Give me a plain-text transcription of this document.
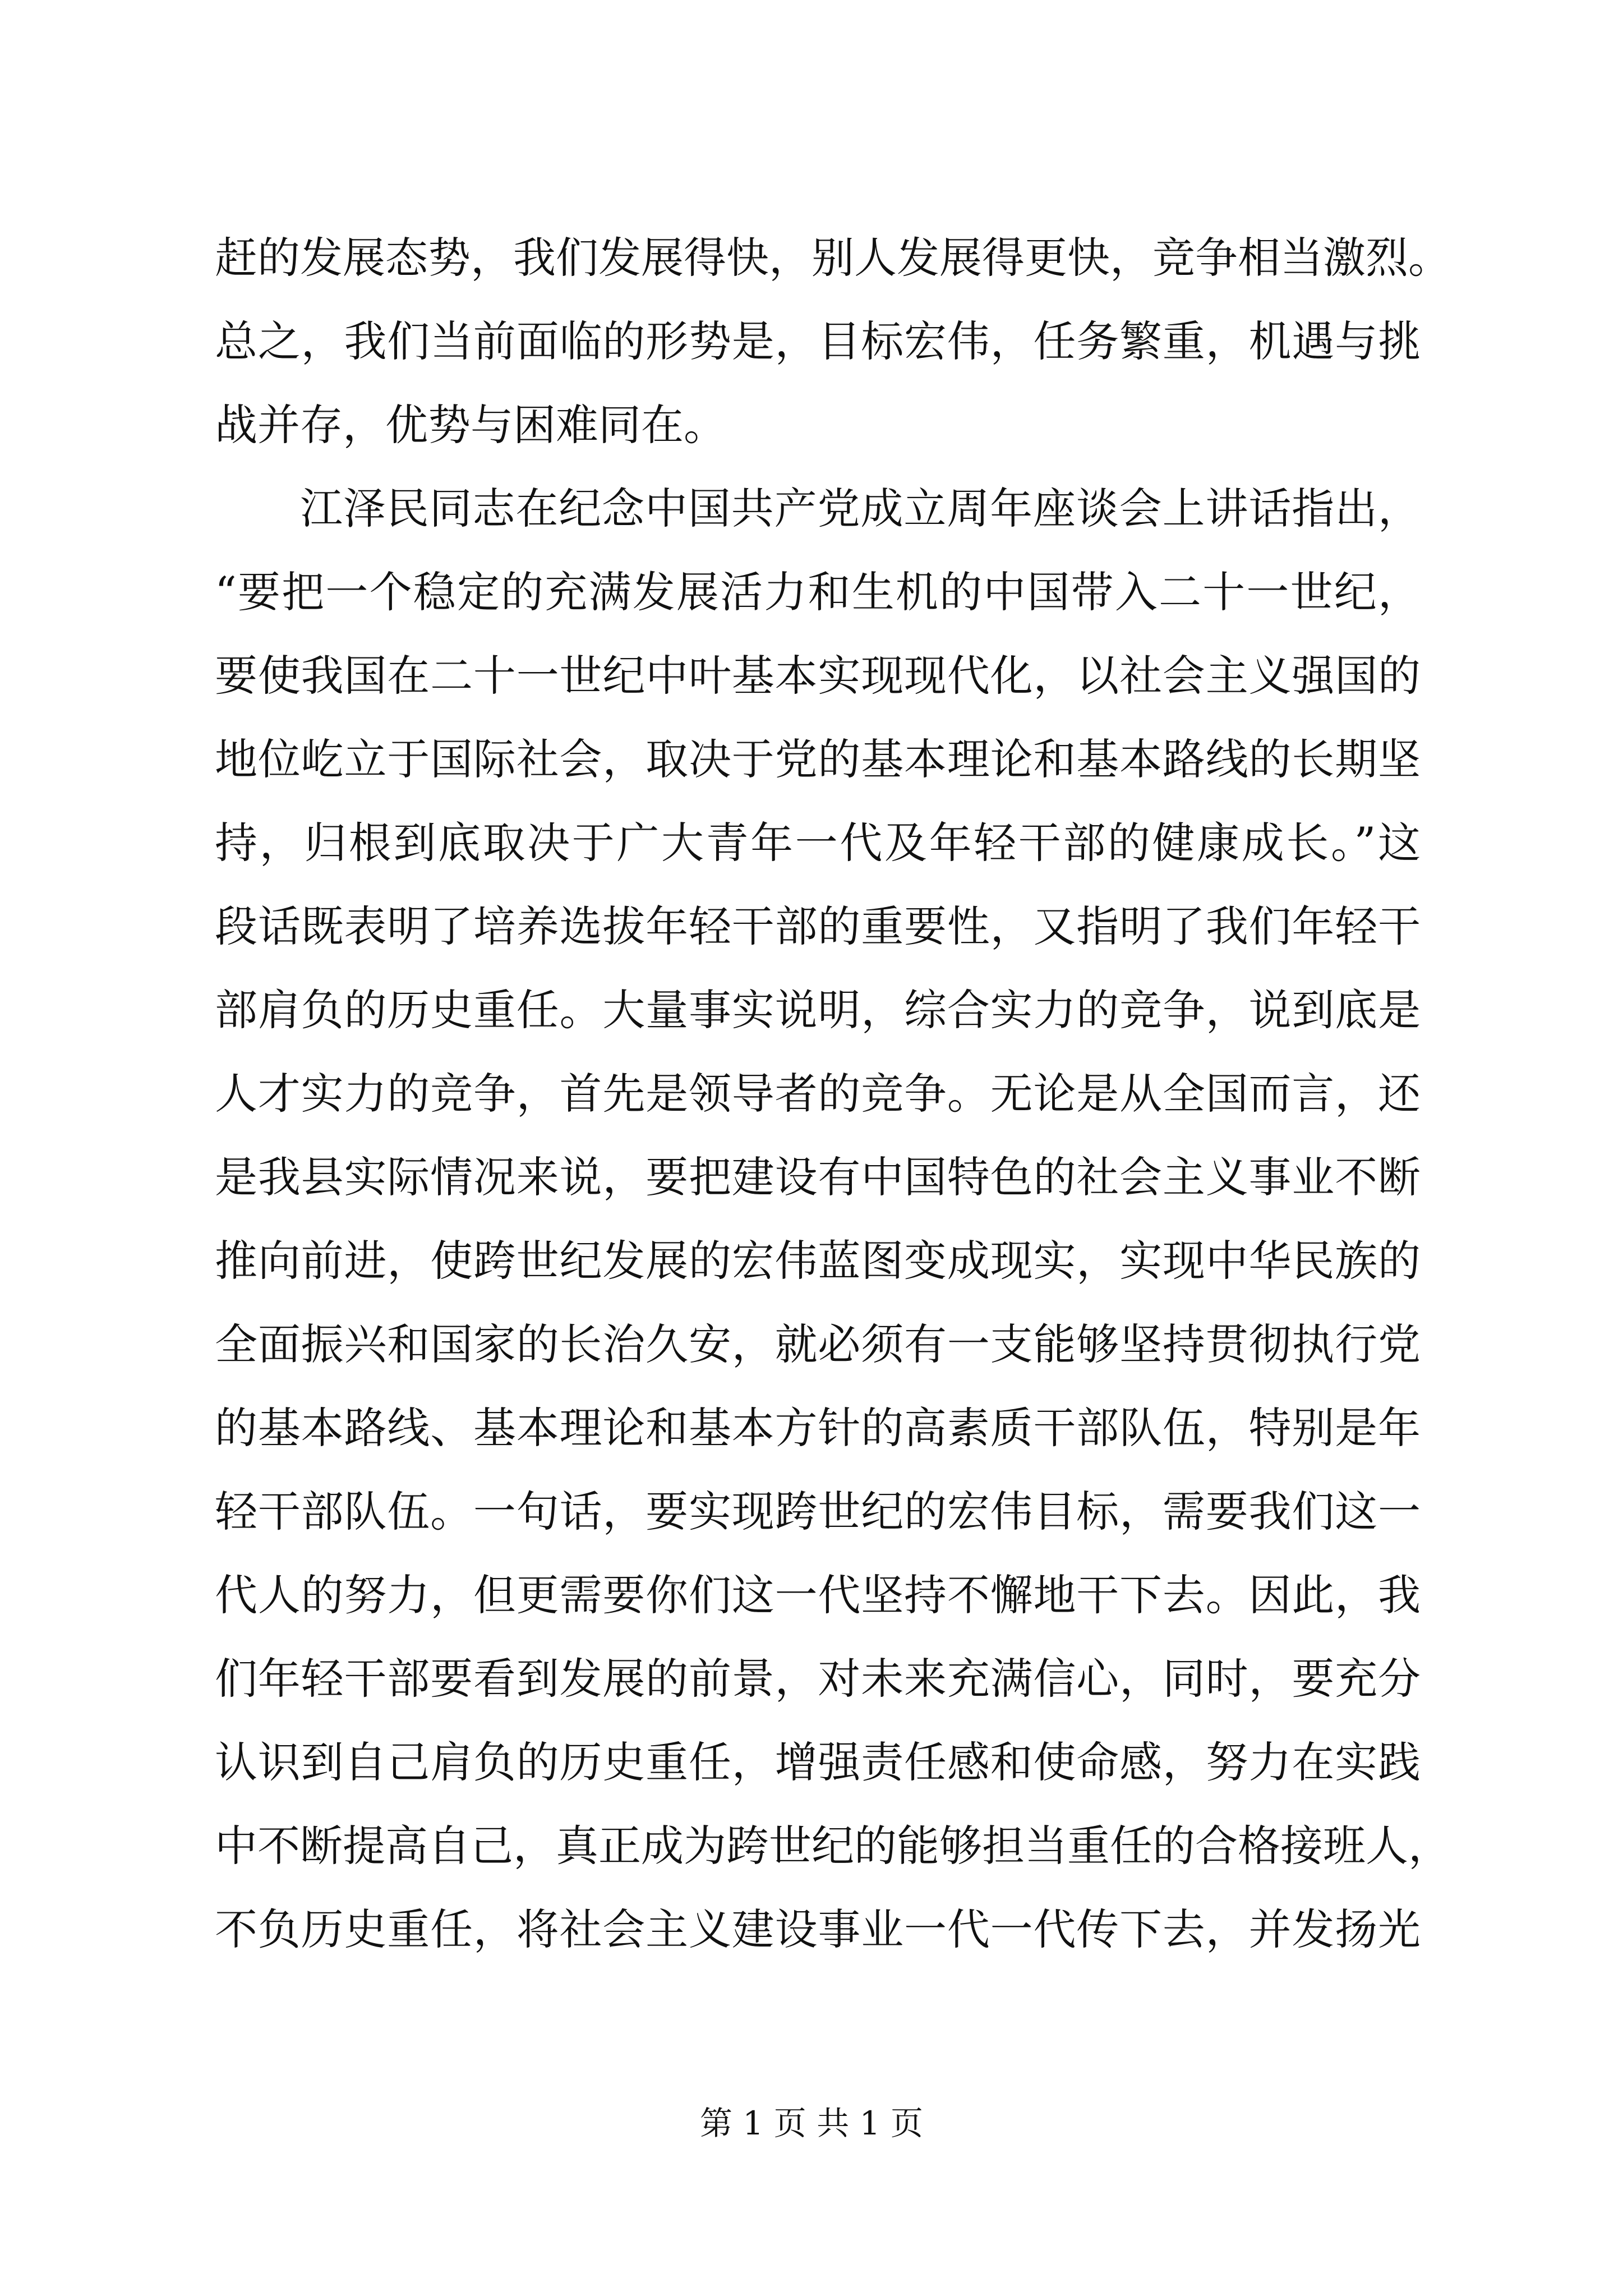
赶的发展态势，我们发展得快，别人发展得更快，竞争相当激烈。
总之，我们当前面临的形势是，目标宏伟，任务繁重，机遇与挑
战并存，优势与困难同在。
江泽民同志在纪念中国共产党成立周年座谈会上讲话指出，
“要把一个稳定的充满发展活力和生机的中国带入二十一世纪，
要使我国在二十一世纪中叶基本实现现代化，以社会主义强国的
地位屹立于国际社会，取决于党的基本理论和基本路线的长期坚
持，归根到底取决于广大青年一代及年轻干部的健康成长。”这
段话既表明了培养选拔年轻干部的重要性，又指明了我们年轻干
部肩负的历史重任。大量事实说明，综合实力的竞争，说到底是
人才实力的竞争，首先是领导者的竞争。无论是从全国而言，还
是我县实际情况来说，要把建设有中国特色的社会主义事业不断
推向前进，使跨世纪发展的宏伟蓝图变成现实，实现中华民族的
全面振兴和国家的长治久安，就必须有一支能够坚持贯彻执行党
的基本路线、基本理论和基本方针的高素质干部队伍，特别是年
轻干部队伍。一句话，要实现跨世纪的宏伟目标，需要我们这一
代人的努力，但更需要你们这一代坚持不懈地干下去。因此，我
们年轻干部要看到发展的前景，对未来充满信心，同时，要充分
认识到自己肩负的历史重任，增强责任感和使命感，努力在实践
中不断提高自己，真正成为跨世纪的能够担当重任的合格接班人，
不负历史重任，将社会主义建设事业一代一代传下去，并发扬光
第 1 页 共 1 页
